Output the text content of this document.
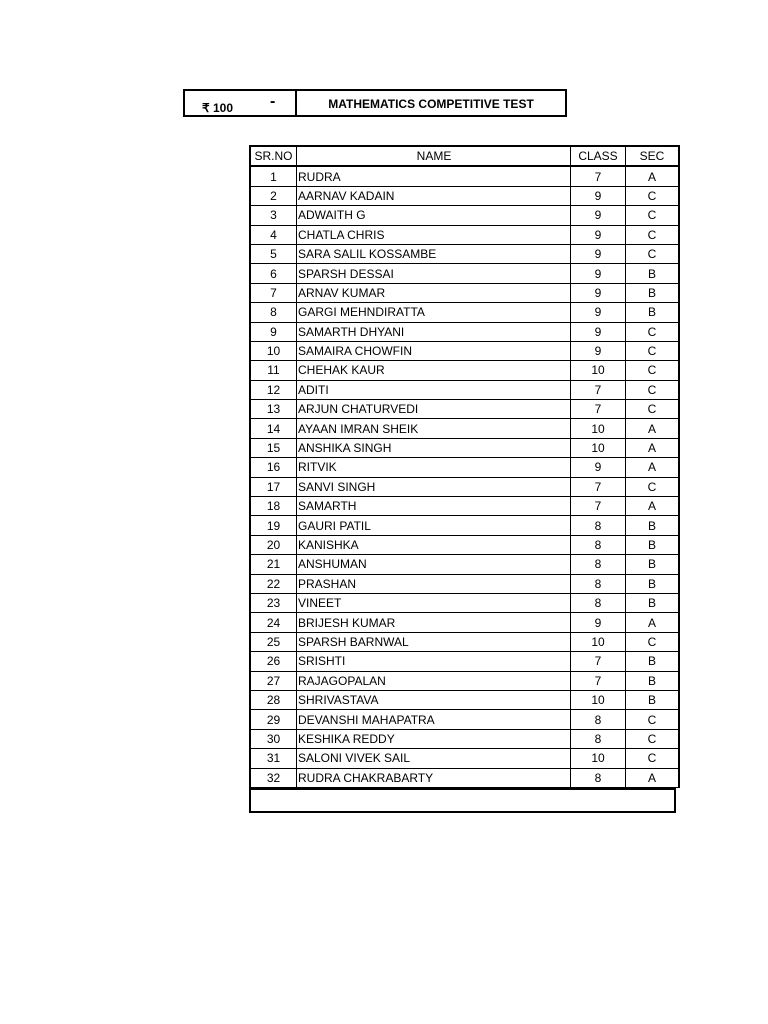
₹ 100 -	MATHEMATICS COMPETITIVE TEST
SR.NO	NAME	CLASS	SEC
1	RUDRA	7	A
2	AARNAV KADAIN	9	C
3	ADWAITH G	9	C
4	CHATLA CHRIS	9	C
5	SARA SALIL KOSSAMBE	9	C
6	SPARSH DESSAI	9	B
7	ARNAV KUMAR	9	B
8	GARGI MEHNDIRATTA	9	B
9	SAMARTH DHYANI	9	C
10	SAMAIRA CHOWFIN	9	C
11	CHEHAK KAUR	10	C
12	ADITI	7	C
13	ARJUN CHATURVEDI	7	C
14	AYAAN IMRAN SHEIK	10	A
15	ANSHIKA SINGH	10	A
16	RITVIK	9	A
17	SANVI SINGH	7	C
18	SAMARTH	7	A
19	GAURI PATIL	8	B
20	KANISHKA	8	B
21	ANSHUMAN	8	B
22	PRASHAN	8	B
23	VINEET	8	B
24	BRIJESH KUMAR	9	A
25	SPARSH BARNWAL	10	C
26	SRISHTI	7	B
27	RAJAGOPALAN	7	B
28	SHRIVASTAVA	10	B
29	DEVANSHI MAHAPATRA	8	C
30	KESHIKA REDDY	8	C
31	SALONI VIVEK SAIL	10	C
32	RUDRA CHAKRABARTY	8	A
